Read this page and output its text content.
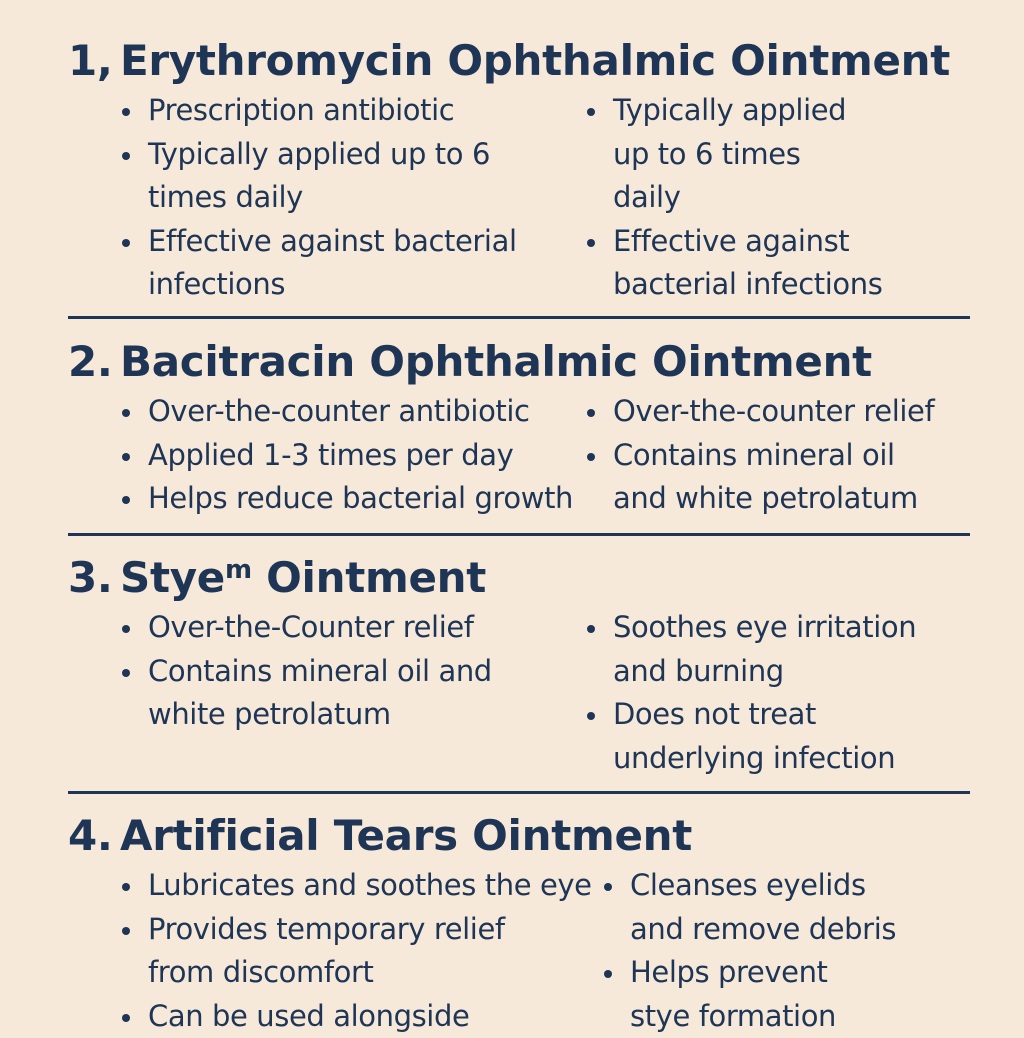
1, Erythromycin Ophthalmic Ointment
Prescription antibiotic
Typically applied up to 6 times daily
Effective against bacterial infections
Typically applied up to 6 times daily
Effective against bacterial infections
2. Bacitracin Ophthalmic Ointment
Over-the-counter antibiotic
Applied 1-3 times per day
Helps reduce bacterial growth
Over-the-counter relief
Contains mineral oil and white petrolatum
3. Stye$^m$ Ointment
Over-the-Counter relief
Contains mineral oil and white petrolatum
Soothes eye irritation and burning
Does not treat underlying infection
4. Artificial Tears Ointment
Lubricates and soothes the eye
Provides temporary relief from discomfort
Can be used alongside
Cleanses eyelids and remove debris
Helps prevent stye formation
